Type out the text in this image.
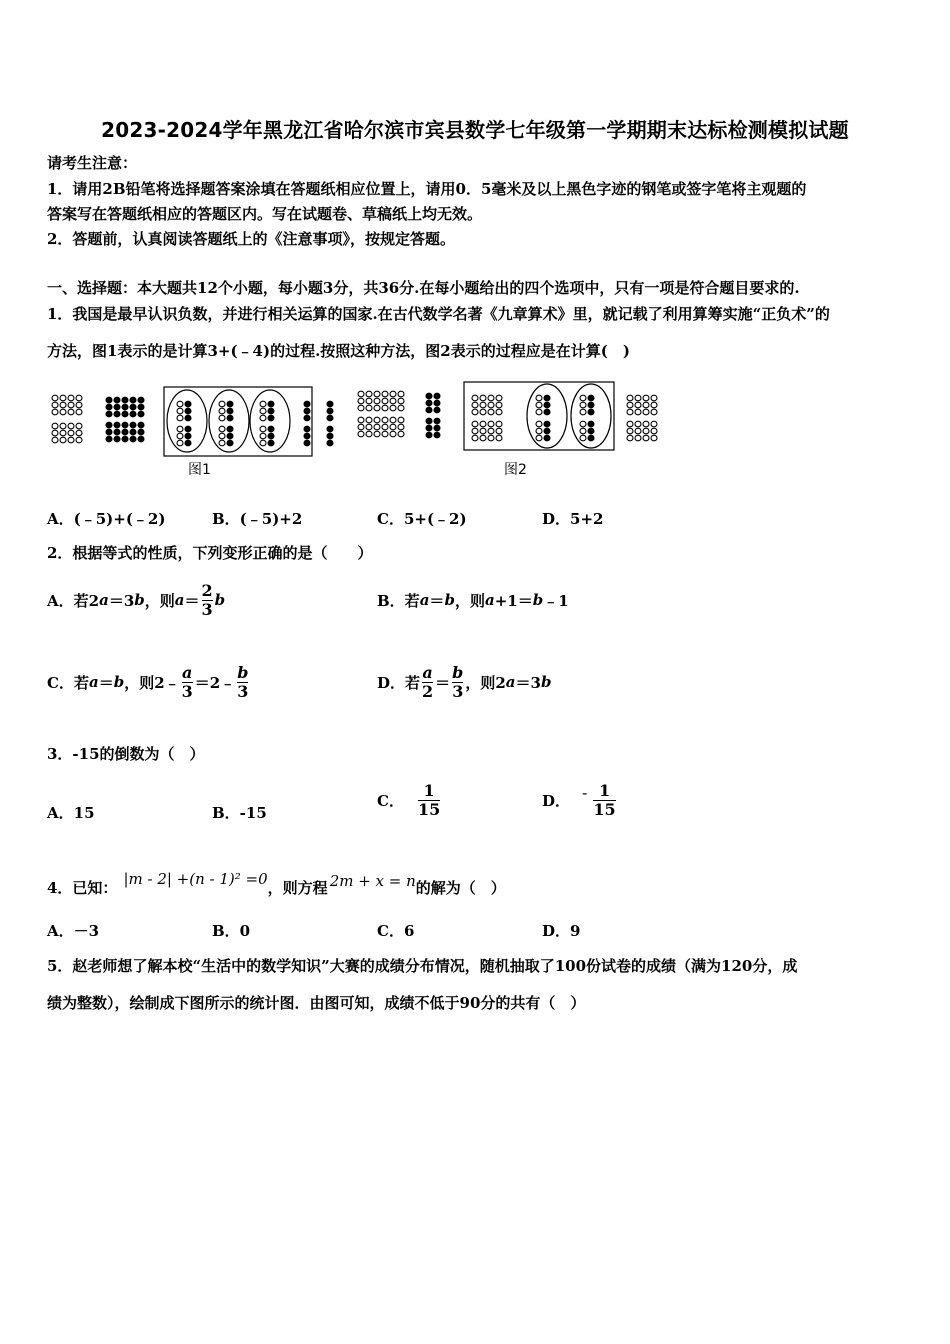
2023-2024学年黑龙江省哈尔滨市宾县数学七年级第一学期期末达标检测模拟试题
请考生注意：
1．请用2B铅笔将选择题答案涂填在答题纸相应位置上，请用0．5毫米及以上黑色字迹的钢笔或签字笔将主观题的
答案写在答题纸相应的答题区内。写在试题卷、草稿纸上均无效。
2．答题前，认真阅读答题纸上的《注意事项》，按规定答题。
一、选择题：本大题共12个小题，每小题3分，共36分.在每小题给出的四个选项中，只有一项是符合题目要求的.
1．我国是最早认识负数，并进行相关运算的国家.在古代数学名著《九章算术》里，就记载了利用算筹实施“正负术”的
方法，图1表示的是计算3+(﹣4)的过程.按照这种方法，图2表示的过程应是在计算(　)
图1	图2
A．(﹣5)+(﹣2)	B．(﹣5)+2	C．5+(﹣2)	D．5+2
2．根据等式的性质，下列变形正确的是（　　）
A．若2 a ＝3 b ，则 $a = \frac{2}{3}$ b	B．若 a ＝ b ，则 a +1＝ b ﹣1
C．若 a ＝ b ，则2﹣ $\frac{a}{3}$ ＝2﹣ $\frac{b}{3}$	D．若 $\frac{a}{2} = \frac{b}{3}$ ，则2 a ＝3 b
3．-15的倒数为（　）
A．15	B．-15
C． $\frac{1}{15}$	D． - $\frac{1}{15}$
4．已知： |m - 2| +(n - 1)² =0 ，则方程 2m + x = n 的解为（　）
A．－3	B．0	C．6	D．9
5．赵老师想了解本校“生活中的数学知识”大赛的成绩分布情况，随机抽取了100份试卷的成绩（满为120分，成
绩为整数），绘制成下图所示的统计图．由图可知，成绩不低于90分的共有（　）
